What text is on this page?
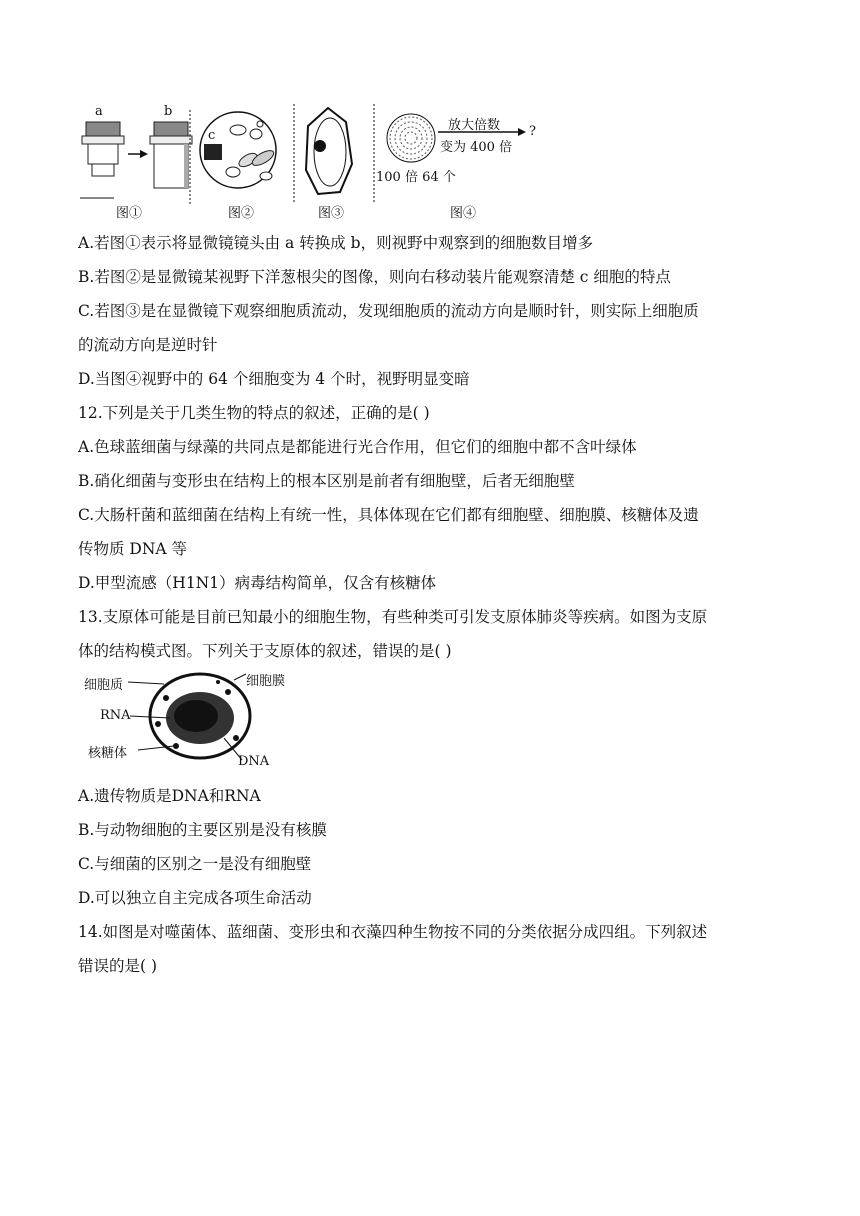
a	b
c
放大倍数
变为 400 倍
?
100 倍 64 个
图①	图②	图③	图④
A.若图①表示将显微镜镜头由 a 转换成 b，则视野中观察到的细胞数目增多
B.若图②是显微镜某视野下洋葱根尖的图像，则向右移动装片能观察清楚 c 细胞的特点
C.若图③是在显微镜下观察细胞质流动，发现细胞质的流动方向是顺时针，则实际上细胞质
的流动方向是逆时针
D.当图④视野中的 64 个细胞变为 4 个时，视野明显变暗
12.下列是关于几类生物的特点的叙述，正确的是( )
A.色球蓝细菌与绿藻的共同点是都能进行光合作用，但它们的细胞中都不含叶绿体
B.硝化细菌与变形虫在结构上的根本区别是前者有细胞壁，后者无细胞壁
C.大肠杆菌和蓝细菌在结构上有统一性，具体体现在它们都有细胞壁、细胞膜、核糖体及遗
传物质 DNA 等
D.甲型流感（H1N1）病毒结构简单，仅含有核糖体
13.支原体可能是目前已知最小的细胞生物，有些种类可引发支原体肺炎等疾病。如图为支原
体的结构模式图。下列关于支原体的叙述，错误的是( )
细胞质	细胞膜
RNA
核糖体
DNA
A.遗传物质是DNA和RNA
B.与动物细胞的主要区别是没有核膜
C.与细菌的区别之一是没有细胞壁
D.可以独立自主完成各项生命活动
14.如图是对噬菌体、蓝细菌、变形虫和衣藻四种生物按不同的分类依据分成四组。下列叙述
错误的是( )
